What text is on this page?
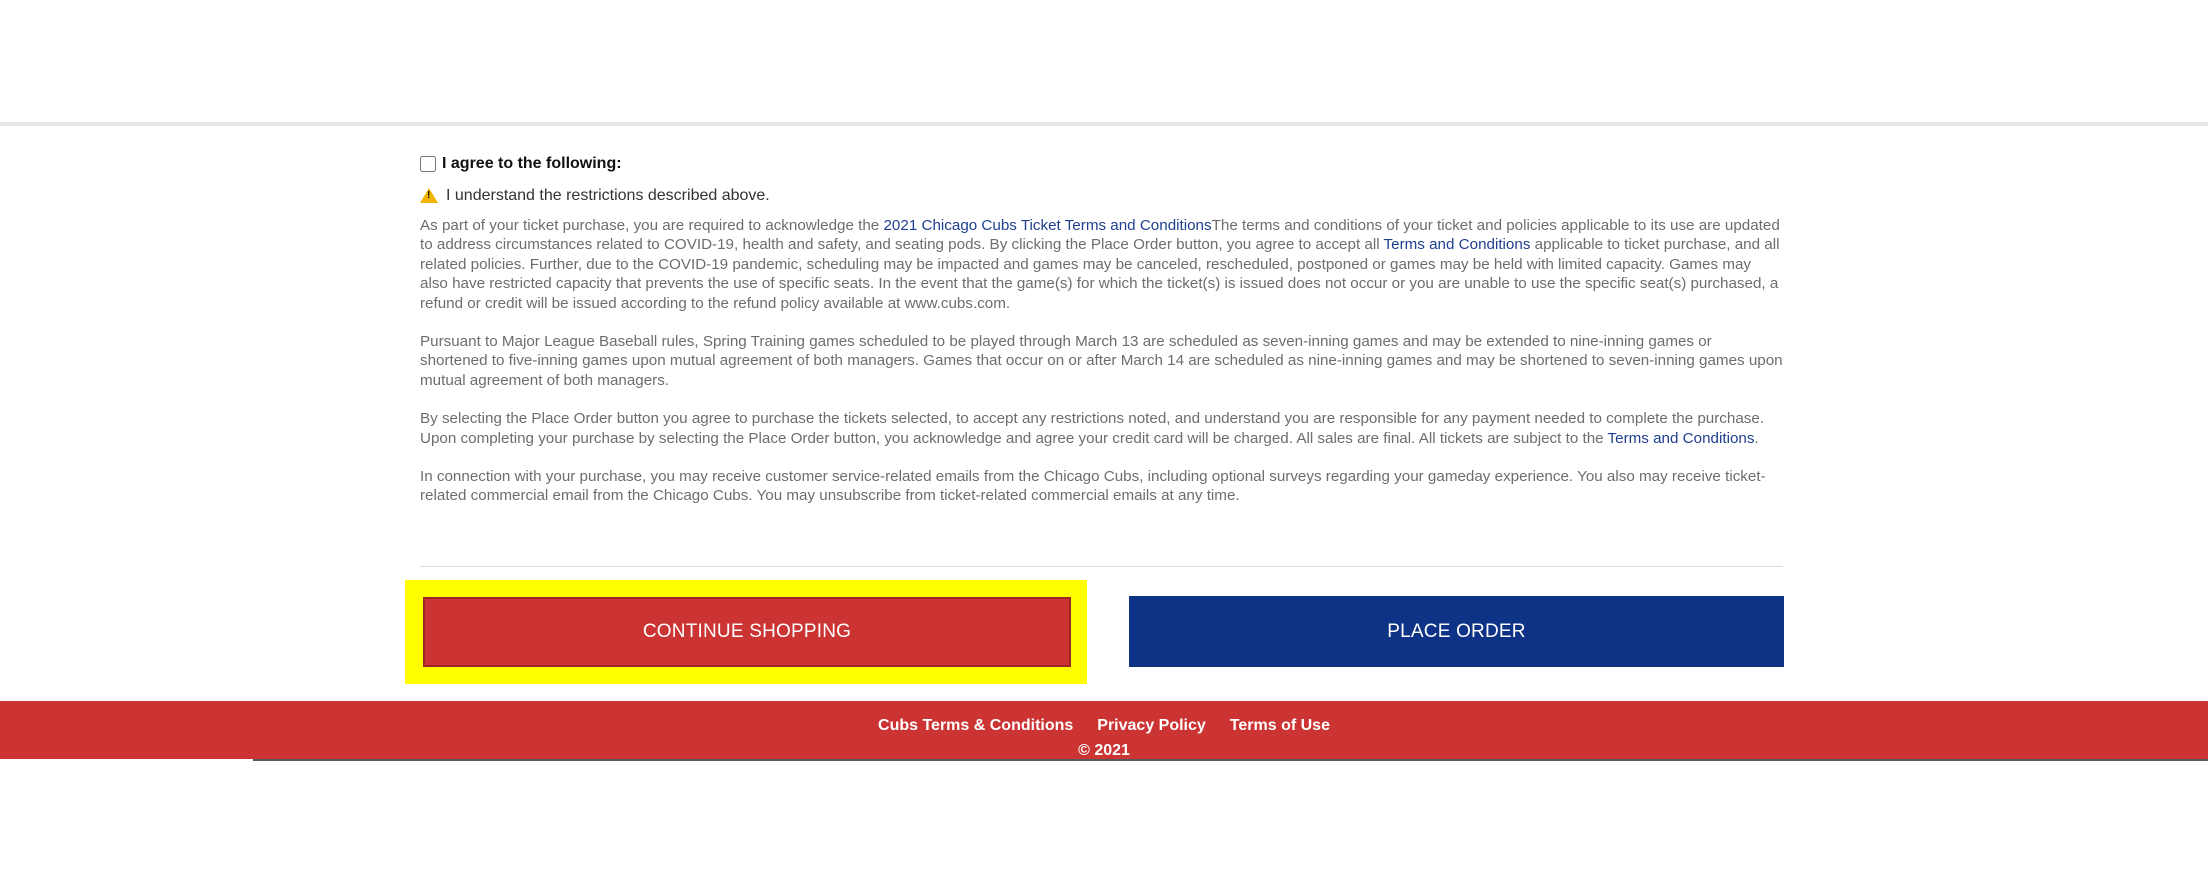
I agree to the following:
! I understand the restrictions described above.

As part of your ticket purchase, you are required to acknowledge the 2021 Chicago Cubs Ticket Terms and ConditionsThe terms and conditions of your ticket and policies applicable to its use are updated to address circumstances related to COVID-19, health and safety, and seating pods. By clicking the Place Order button, you agree to accept all Terms and Conditions applicable to ticket purchase, and all related policies. Further, due to the COVID-19 pandemic, scheduling may be impacted and games may be canceled, rescheduled, postponed or games may be held with limited capacity. Games may also have restricted capacity that prevents the use of specific seats. In the event that the game(s) for which the ticket(s) is issued does not occur or you are unable to use the specific seat(s) purchased, a refund or credit will be issued according to the refund policy available at www.cubs.com.

Pursuant to Major League Baseball rules, Spring Training games scheduled to be played through March 13 are scheduled as seven-inning games and may be extended to nine-inning games or shortened to five-inning games upon mutual agreement of both managers. Games that occur on or after March 14 are scheduled as nine-inning games and may be shortened to seven-inning games upon mutual agreement of both managers.

By selecting the Place Order button you agree to purchase the tickets selected, to accept any restrictions noted, and understand you are responsible for any payment needed to complete the purchase. Upon completing your purchase by selecting the Place Order button, you acknowledge and agree your credit card will be charged. All sales are final. All tickets are subject to the Terms and Conditions.

In connection with your purchase, you may receive customer service-related emails from the Chicago Cubs, including optional surveys regarding your gameday experience. You also may receive ticket-related commercial email from the Chicago Cubs. You may unsubscribe from ticket-related commercial emails at any time.

CONTINUE SHOPPING	PLACE ORDER
Cubs Terms & Conditions Privacy Policy Terms of Use
© 2021
